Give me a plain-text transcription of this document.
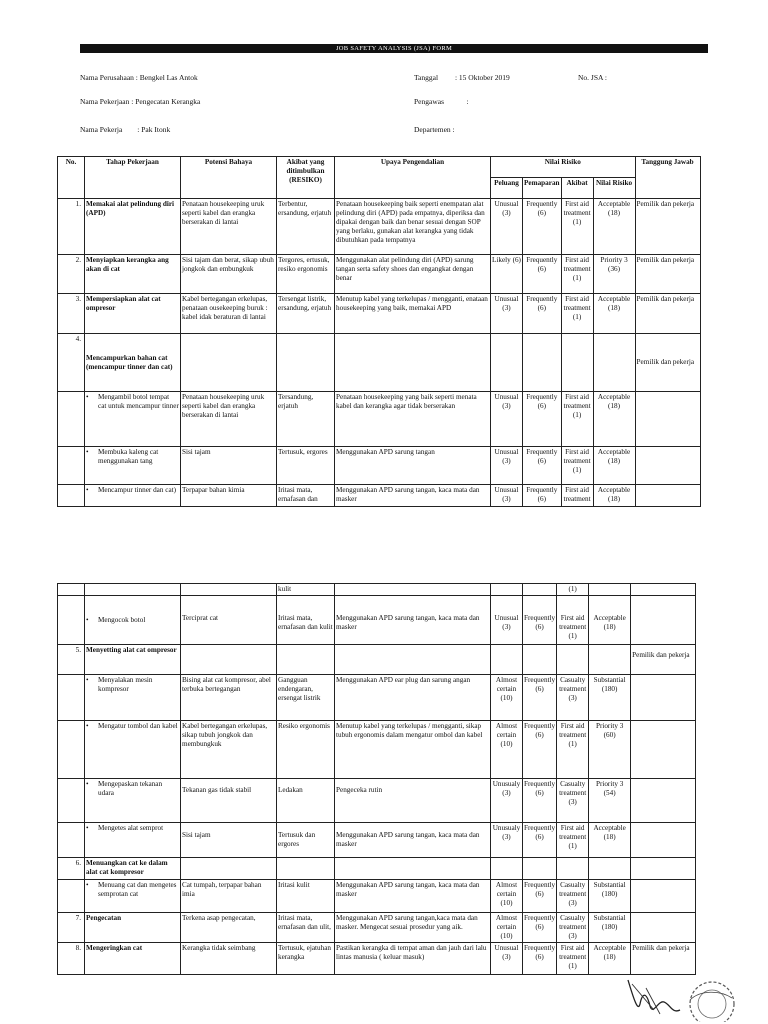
JOB SAFETY ANALYSIS (JSA) FORM
Nama Perusahaan : Bengkel Las Antok
Nama Pekerjaan : Pengecatan Kerangka
Nama Pekerja : Pak Itonk
Tanggal : 15 Oktober 2019	No. JSA :
Pengawas	:
Departemen :
No.	Tahap Pekerjaan	Potensi Bahaya	Akibat yang ditimbulkan (RESIKO)	Upaya Pengendalian	Nilai Risiko				Tanggung Jawab
					Peluang	Pemaparan	Akibat	Nilai Risiko	
1.	Memakai alat pelindung diri (APD)	Penataan housekeeping uruk seperti kabel dan erangka berserakan di lantai	Terbentur, ersandung, erjatuh	Penataan housekeeping baik seperti enempatan alat pelindung diri (APD) pada empatnya, diperiksa dan dipakai dengan baik dan benar sesuai dengan SOP yang berlaku, gunakan alat kerangka yang tidak dibutuhkan pada tempatnya	Unusual (3)	Frequently (6)	First aid treatment (1)	Acceptable (18)	Pemilik dan pekerja
2.	Menyiapkan kerangka ang akan di cat	Sisi tajam dan berat, sikap ubuh jongkok dan embungkuk	Tergores, ertusuk, resiko ergonomis	Menggunakan alat pelindung diri (APD) sarung tangan serta safety shoes dan engangkat dengan benar	Likely (6)	Frequently (6)	First aid treatment (1)	Priority 3 (36)	Pemilik dan pekerja
3.	Mempersiapkan alat cat ompresor	Kabel bertegangan erkelupas, penataan ousekeeping buruk : kabel idak beraturan di lantai	Tersengat listrik, ersandung, erjatuh	Menutup kabel yang terkelupas / mengganti, enataan housekeeping yang baik, memakai APD	Unusual (3)	Frequently (6)	First aid treatment (1)	Acceptable (18)	Pemilik dan pekerja
4.	Mencampurkan bahan cat (mencampur tinner dan cat)								Pemilik dan pekerja

	• Mengambil botol tempat cat untuk mencampur tinner	Penataan housekeeping uruk seperti kabel dan erangka berserakan di lantai	Tersandung, erjatuh	Penataan housekeeping yang baik seperti menata kabel dan kerangka agar tidak berserakan	Unusual (3)	Frequently (6)	First aid treatment (1)	Acceptable (18)	

	• Membuka kaleng cat menggunakan tang	Sisi tajam	Tertusuk, ergores	Menggunakan APD sarung tangan	Unusual (3)	Frequently (6)	First aid treatment (1)	Acceptable (18)	

	• Mencampur tinner dan cat)	Terpapar bahan kimia	Iritasi mata, ernafasan dan	Menggunakan APD sarung tangan, kaca mata dan masker	Unusual (3)	Frequently (6)	First aid treatment	Acceptable (18)	
			kulit				(1)		

	• Mengocok botol	Terciprat cat	Iritasi mata, ernafasan dan kulit	Menggunakan APD sarung tangan, kaca mata dan masker	Unusual (3)	Frequently (6)	First aid treatment (1)	Acceptable (18)	
5.	Menyetting alat cat ompresor								Pemilik dan pekerja

	• Menyalakan mesin kompresor	Bising alat cat kompresor, abel terbuka bertegangan	Gangguan endengaran, ersengat listrik	Menggunakan APD ear plug dan sarung angan	Almost certain (10)	Frequently (6)	Casualty treatment (3)	Substantial (180)	

	• Mengatur tombol dan kabel	Kabel bertegangan erkelupas, sikap tubuh jongkok dan membungkuk	Resiko ergonomis	Menutup kabel yang terkelupas / mengganti, sikap tubuh ergonomis dalam mengatur ombol dan kabel	Almost certain (10)	Frequently (6)	First aid treatment (1)	Priority 3 (60)	

	• Mengepaskan tekanan udara	Tekanan gas tidak stabil	Ledakan	Pengeceka rutin	Unusualy (3)	Frequently (6)	Casualty treatment (3)	Priority 3 (54)	

	• Mengetes alat semprot	Sisi tajam	Tertusuk dan ergores	Menggunakan APD sarung tangan, kaca mata dan masker	Unusualy (3)	Frequently (6)	First aid treatment (1)	Acceptable (18)	
6.	Menuangkan cat ke dalam alat cat kompresor								

	• Menuang cat dan mengetes semprotan cat	Cat tumpah, terpapar bahan imia	Iritasi kulit	Menggunakan APD sarung tangan, kaca mata dan masker	Almost certain (10)	Frequently (6)	Casualty treatment (3)	Substantial (180)	
7.	Pengecatan	Terkena asap pengecatan,	Iritasi mata, ernafasan dan ulit,	Menggunakan APD sarung tangan,kaca mata dan masker. Mengecat sesuai prosedur yang aik.	Almost certain (10)	Frequently (6)	Casualty treatment (3)	Substantial (180)	
8.	Mengeringkan cat	Kerangka tidak seimbang	Tertusuk, ejatuhan kerangka	Pastikan kerangka di tempat aman dan jauh dari lalu lintas manusia ( keluar masuk)	Unusual (3)	Frequently (6)	First aid treatment (1)	Acceptable (18)	Pemilik dan pekerja
